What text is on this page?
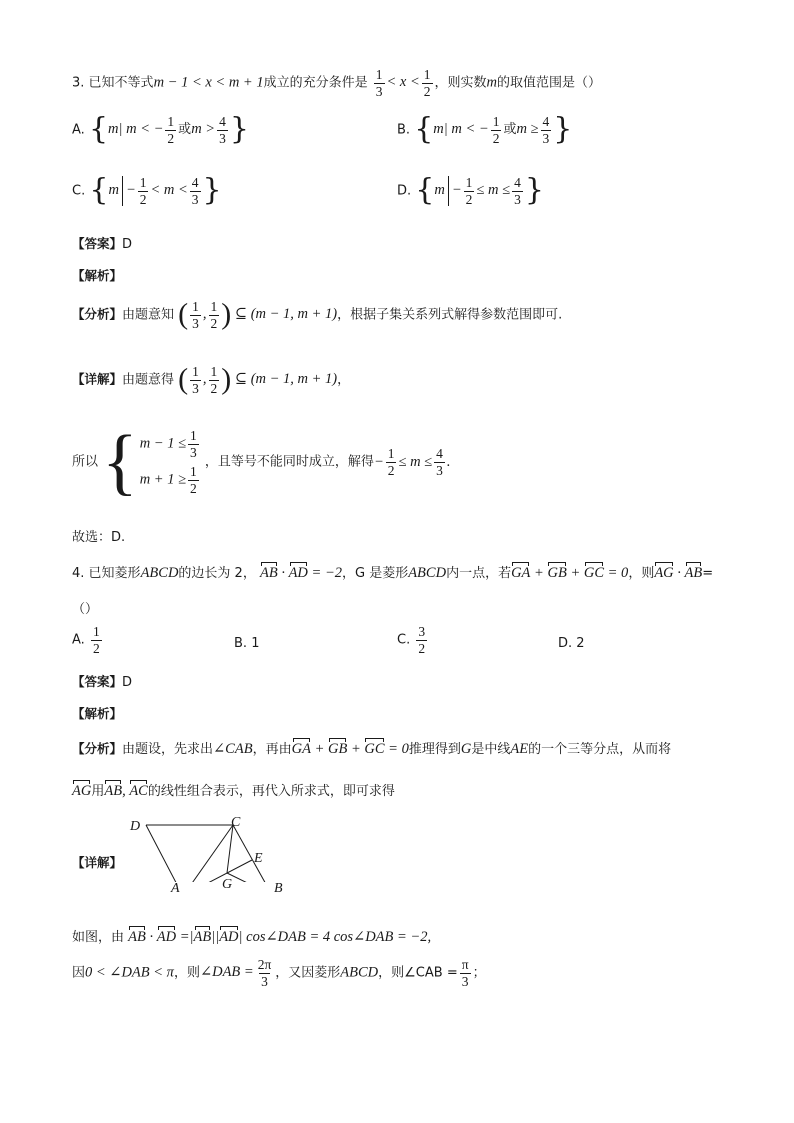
3. 已知不等式m − 1 < x < m + 1成立的充分条件是 $\frac{1}{3} < x < \frac{1}{2}$ ，则实数m的取值范围是（）
A. {m| m < − $\frac{1}{2}$ 或$m > \frac{4}{3}$ }	B. {m| m < − $\frac{1}{2}$ 或$m \ge \frac{4}{3}$ }
C. {$m - \frac{1}{2} < m < \frac{4}{3}$ }	D. {$m - \frac{1}{2} \le m \le \frac{4}{3}$ }
【答案】D
【解析】
【分析】由题意知 ( $\frac{1}{3}$ , $\frac{1}{2}$ ) ⊆ (m − 1, m + 1)，根据子集关系列式解得参数范围即可.
【详解】由题意得 ( $\frac{1}{3}$ , $\frac{1}{2}$ ) ⊆ (m − 1, m + 1)，
所以 { $m - 1 \le \frac{1}{3}$
$m + 1 \ge \frac{1}{2}$
，且等号不能同时成立，解得− $\frac{1}{2} \le m \le \frac{4}{3}$ .
故选：D.
4. 已知菱形ABCD的边长为 2， AB · AD = −2，G 是菱形ABCD内一点，若GA + GB + GC = 0，则AG · AB=
（）
A. $\frac{1}{2}$	B. 1	C. $\frac{3}{2}$	D. 2
【答案】D
【解析】
【分析】由题设，先求出∠CAB，再由GA + GB + GC = 0推理得到G是中线AE的一个三等分点，从而将
AG用AB, AC的线性组合表示，再代入所求式，即可求得
【详解】
D	C
E
G
A	B
如图，由 AB · AD =|AB||AD| cos∠DAB = 4 cos∠DAB = −2,
因0 < ∠DAB < π，则∠DAB = $\frac{2\pi}{3}$ ，又因菱形ABCD，则∠CAB = $\frac{\pi}{3}$ ；
